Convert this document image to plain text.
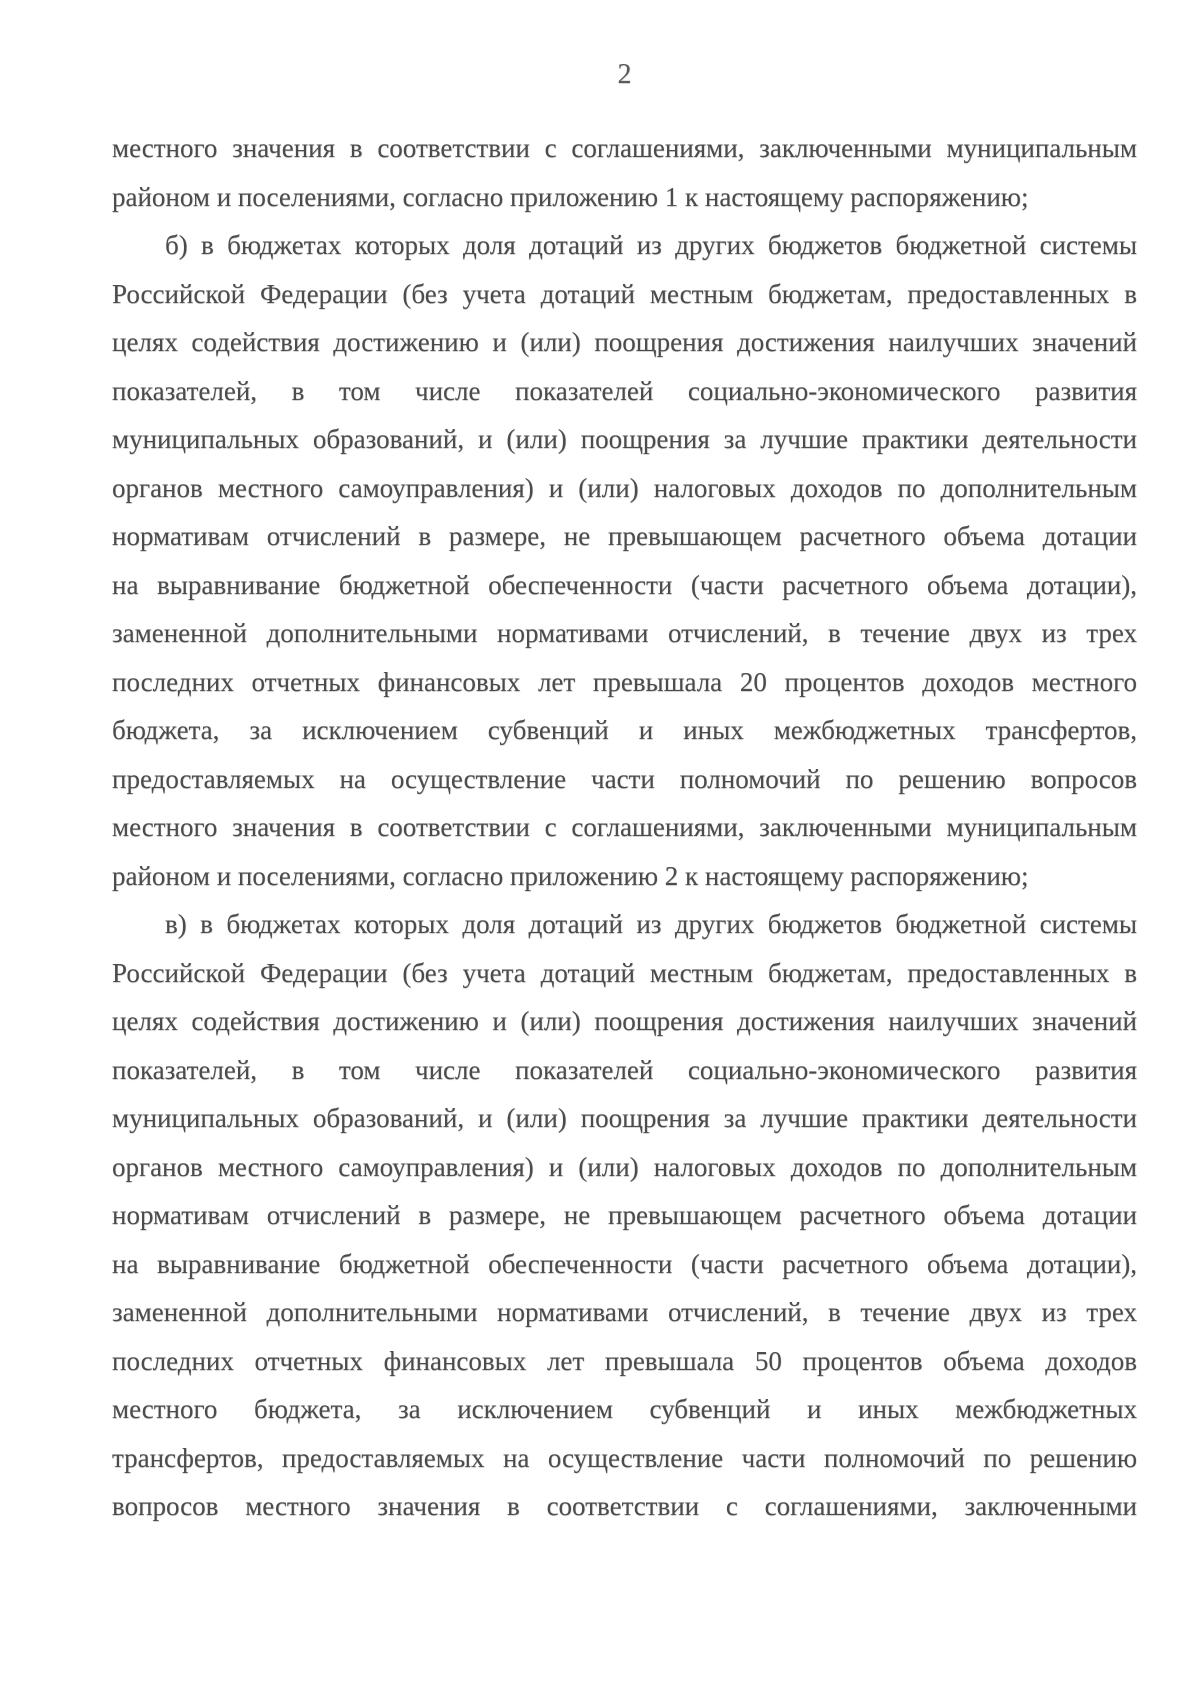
2
местного значения в соответствии с соглашениями, заключенными муниципальным
районом и поселениями, согласно приложению 1 к настоящему распоряжению;
б) в бюджетах которых доля дотаций из других бюджетов бюджетной системы
Российской Федерации (без учета дотаций местным бюджетам, предоставленных в
целях содействия достижению и (или) поощрения достижения наилучших значений
показателей, в том числе показателей социально-экономического развития
муниципальных образований, и (или) поощрения за лучшие практики деятельности
органов местного самоуправления) и (или) налоговых доходов по дополнительным
нормативам отчислений в размере, не превышающем расчетного объема дотации
на выравнивание бюджетной обеспеченности (части расчетного объема дотации),
замененной дополнительными нормативами отчислений, в течение двух из трех
последних отчетных финансовых лет превышала 20 процентов доходов местного
бюджета, за исключением субвенций и иных межбюджетных трансфертов,
предоставляемых на осуществление части полномочий по решению вопросов
местного значения в соответствии с соглашениями, заключенными муниципальным
районом и поселениями, согласно приложению 2 к настоящему распоряжению;
в) в бюджетах которых доля дотаций из других бюджетов бюджетной системы
Российской Федерации (без учета дотаций местным бюджетам, предоставленных в
целях содействия достижению и (или) поощрения достижения наилучших значений
показателей, в том числе показателей социально-экономического развития
муниципальных образований, и (или) поощрения за лучшие практики деятельности
органов местного самоуправления) и (или) налоговых доходов по дополнительным
нормативам отчислений в размере, не превышающем расчетного объема дотации
на выравнивание бюджетной обеспеченности (части расчетного объема дотации),
замененной дополнительными нормативами отчислений, в течение двух из трех
последних отчетных финансовых лет превышала 50 процентов объема доходов
местного бюджета, за исключением субвенций и иных межбюджетных
трансфертов, предоставляемых на осуществление части полномочий по решению
вопросов местного значения в соответствии с соглашениями, заключенными
